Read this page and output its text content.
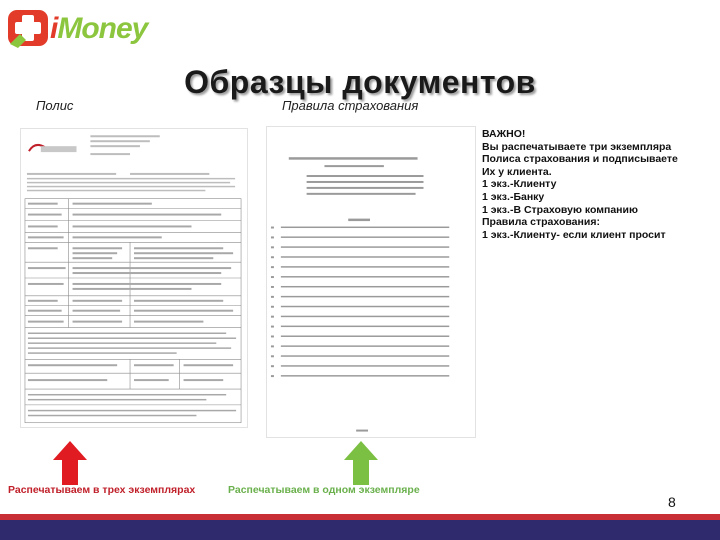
iMoney
Образцы документов
Полис	Правила страхования
ВАЖНО!
Вы распечатываете три экземпляра
Полиса страхования и подписываете
Их у клиента.
1 экз.-Клиенту
1 экз.-Банку
1 экз.-В Страховую компанию
Правила страхования:
1 экз.-Клиенту- если клиент просит
Распечатываем в трех экземплярах	Распечатываем в одном экземпляре
8
